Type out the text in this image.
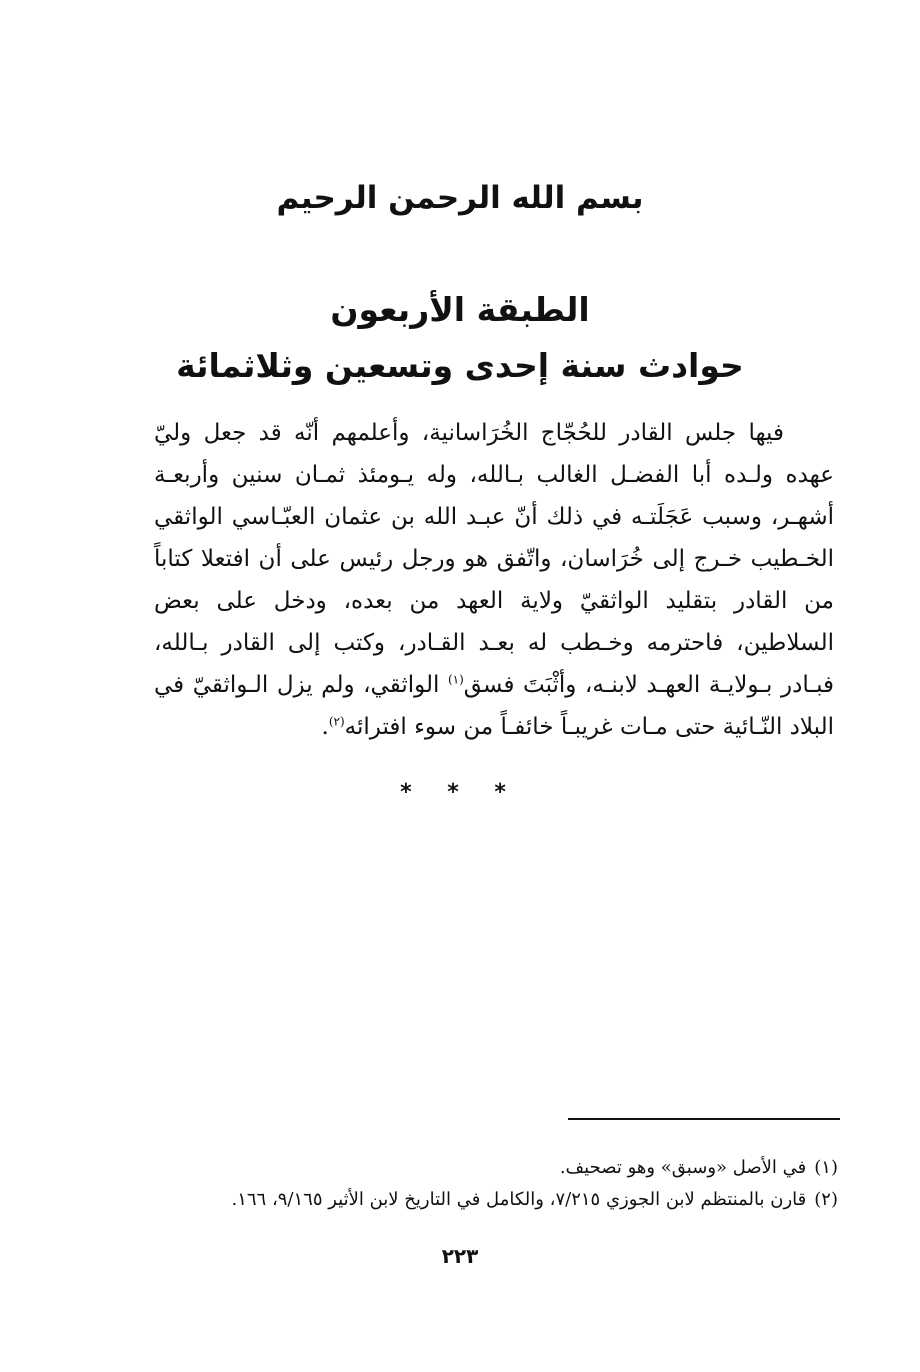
بسم الله الرحمن الرحيم
الطبقة الأربعون
حوادث سنة إحدى وتسعين وثلاثمائة

فيها جلس القادر للحُجّاج الخُرَاسانية، وأعلمهم أنّه قد جعل وليّ عهده ولـده أبا الفضـل الغالب بـالله، وله يـومئذ ثمـان سنين وأربعـة أشهـر، وسبب عَجَلَتـه في ذلك أنّ عبـد الله بن عثمان العبّـاسي الواثقي الخـطيب خـرج إلى خُرَاسان، واتّفق هو ورجل رئيس على أن افتعلا كتاباً من القادر بتقليد الواثقيّ ولاية العهد من بعده، ودخل على بعض السلاطين، فاحترمه وخـطب له بعـد القـادر، وكتب إلى القادر بـالله، فبـادر بـولايـة العهـد لابنـه، وأثْبَتَ فسق$^{(١)}$ الواثقي، ولم يزل الـواثقيّ في البلاد النّـائية حتى مـات غريبـاً خائفـاً من سوء افترائه$^{(٢)}$.

* * *

(١)في الأصل «وسبق» وهو تصحيف.

(٢)قارن بالمنتظم لابن الجوزي ٧/٢١٥، والكامل في التاريخ لابن الأثير ٩/١٦٥، ١٦٦.

٢٢٣
